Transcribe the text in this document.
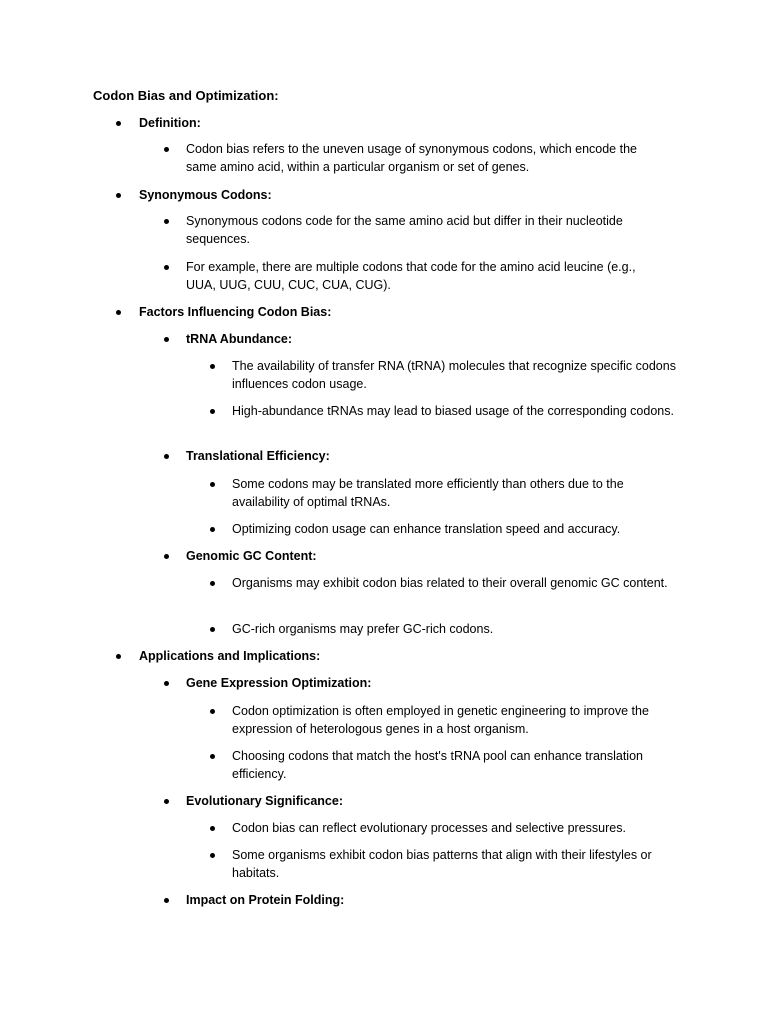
Codon Bias and Optimization:
Definition:
Codon bias refers to the uneven usage of synonymous codons, which encode the same amino acid, within a particular organism or set of genes.
Synonymous Codons:
Synonymous codons code for the same amino acid but differ in their nucleotide sequences.
For example, there are multiple codons that code for the amino acid leucine (e.g., UUA, UUG, CUU, CUC, CUA, CUG).
Factors Influencing Codon Bias:
tRNA Abundance:
The availability of transfer RNA (tRNA) molecules that recognize specific codons influences codon usage.
High-abundance tRNAs may lead to biased usage of the corresponding codons.
Translational Efficiency:
Some codons may be translated more efficiently than others due to the availability of optimal tRNAs.
Optimizing codon usage can enhance translation speed and accuracy.
Genomic GC Content:
Organisms may exhibit codon bias related to their overall genomic GC content.
GC-rich organisms may prefer GC-rich codons.
Applications and Implications:
Gene Expression Optimization:
Codon optimization is often employed in genetic engineering to improve the expression of heterologous genes in a host organism.
Choosing codons that match the host's tRNA pool can enhance translation efficiency.
Evolutionary Significance:
Codon bias can reflect evolutionary processes and selective pressures.
Some organisms exhibit codon bias patterns that align with their lifestyles or habitats.
Impact on Protein Folding:
